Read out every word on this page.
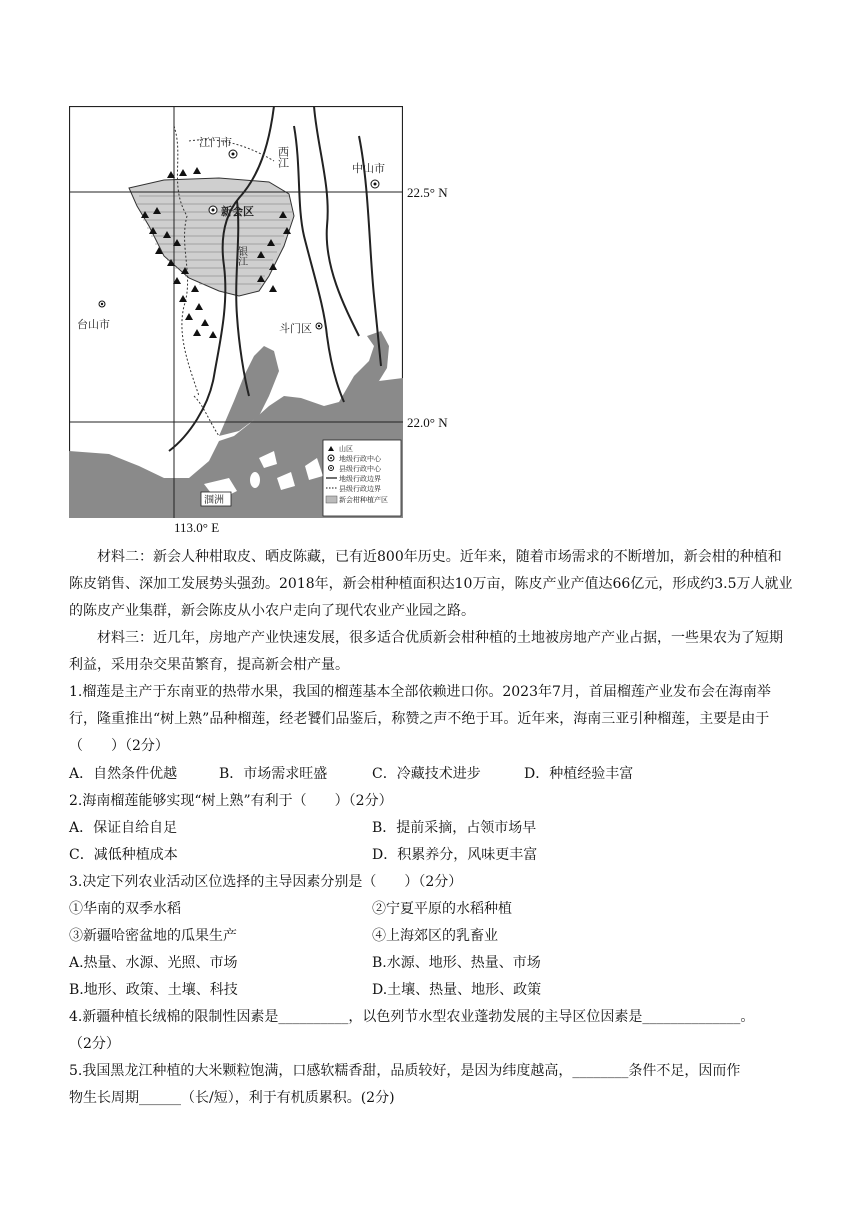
江门市
西江
中山市
新会区
银江
台山市	斗门区
涠洲
山区
地级行政中心
县级行政中心
地级行政边界
县级行政边界
新会柑种植产区
22.5° N
22.0° N
113.0° E
材料二：新会人种柑取皮、晒皮陈藏，已有近800年历史。近年来，随着市场需求的不断增加，新会柑的种植和陈皮销售、深加工发展势头强劲。2018年，新会柑种植面积达10万亩，陈皮产业产值达66亿元，形成约3.5万人就业的陈皮产业集群，新会陈皮从小农户走向了现代农业产业园之路。
材料三：近几年，房地产产业快速发展，很多适合优质新会柑种植的土地被房地产产业占据，一些果农为了短期利益，采用杂交果苗繁育，提高新会柑产量。
1.榴莲是主产于东南亚的热带水果，我国的榴莲基本全部依赖进口你。2023年7月，首届榴莲产业发布会在海南举行，隆重推出“树上熟”品种榴莲，经老饕们品鉴后，称赞之声不绝于耳。近年来，海南三亚引种榴莲，主要是由于（　　）（2分）
A．自然条件优越	B．市场需求旺盛	C．冷藏技术进步	D．种植经验丰富
2.海南榴莲能够实现“树上熟”有利于（　　）（2分）
A．保证自给自足	B．提前采摘，占领市场早
C．减低种植成本	D．积累养分，风味更丰富
3.决定下列农业活动区位选择的主导因素分别是（　　）（2分）
①华南的双季水稻	②宁夏平原的水稻种植
③新疆哈密盆地的瓜果生产	④上海郊区的乳畜业
A.热量、水源、光照、市场	B.水源、地形、热量、市场
B.地形、政策、土壤、科技	D.土壤、热量、地形、政策
4.新疆种植长绒棉的限制性因素是__________，以色列节水型农业蓬勃发展的主导区位因素是______________。
（2分）
5.我国黑龙江种植的大米颗粒饱满，口感软糯香甜，品质较好，是因为纬度越高，________条件不足，因而作
物生长周期______（长/短），利于有机质累积。(2分)
